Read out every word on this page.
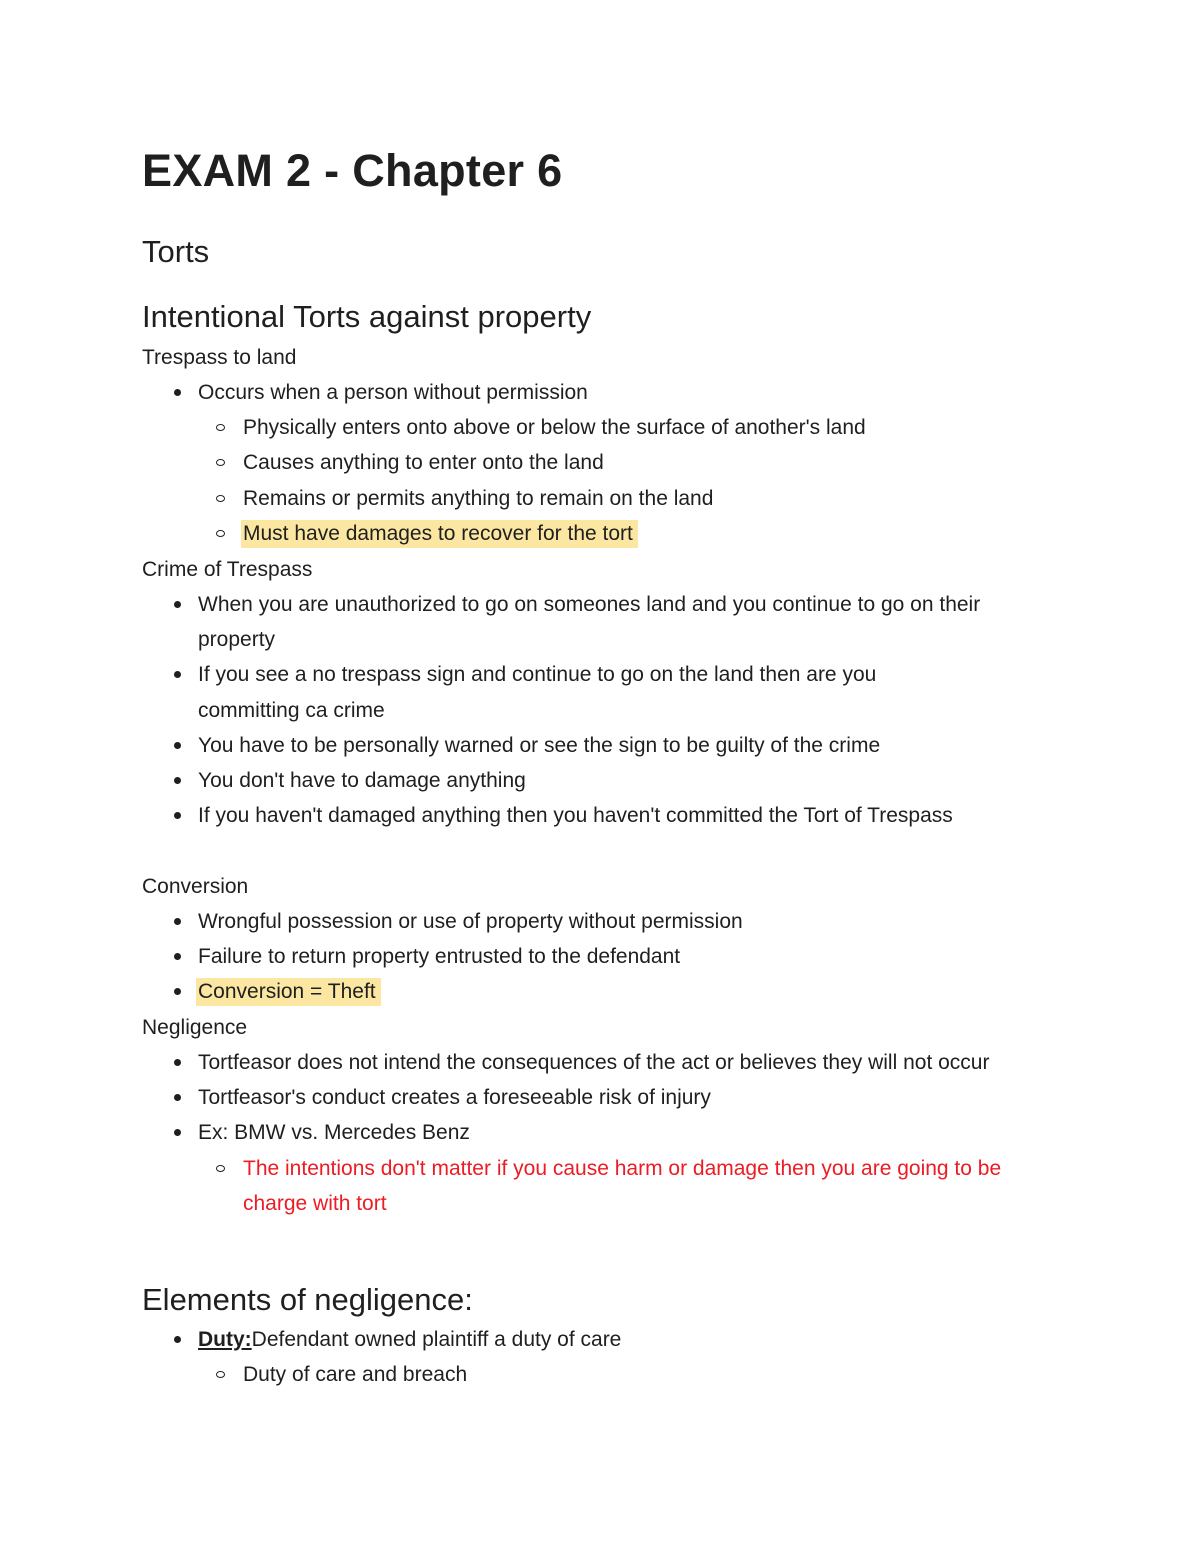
EXAM 2 - Chapter 6
Torts
Intentional Torts against property
Trespass to land
Occurs when a person without permission
Physically enters onto above or below the surface of another's land
Causes anything to enter onto the land
Remains or permits anything to remain on the land
Must have damages to recover for the tort
Crime of Trespass
When you are unauthorized to go on someones land and you continue to go on their property
If you see a no trespass sign and continue to go on the land then are you committing ca crime
You have to be personally warned or see the sign to be guilty of the crime
You don't have to damage anything
If you haven't damaged anything then you haven't committed the Tort of Trespass
Conversion
Wrongful possession or use of property without permission
Failure to return property entrusted to the defendant
Conversion = Theft
Negligence
Tortfeasor does not intend the consequences of the act or believes they will not occur
Tortfeasor's conduct creates a foreseeable risk of injury
Ex: BMW vs. Mercedes Benz
The intentions don't matter if you cause harm or damage then you are going to be charge with tort
Elements of negligence:
Duty:Defendant owned plaintiff a duty of care
Duty of care and breach
